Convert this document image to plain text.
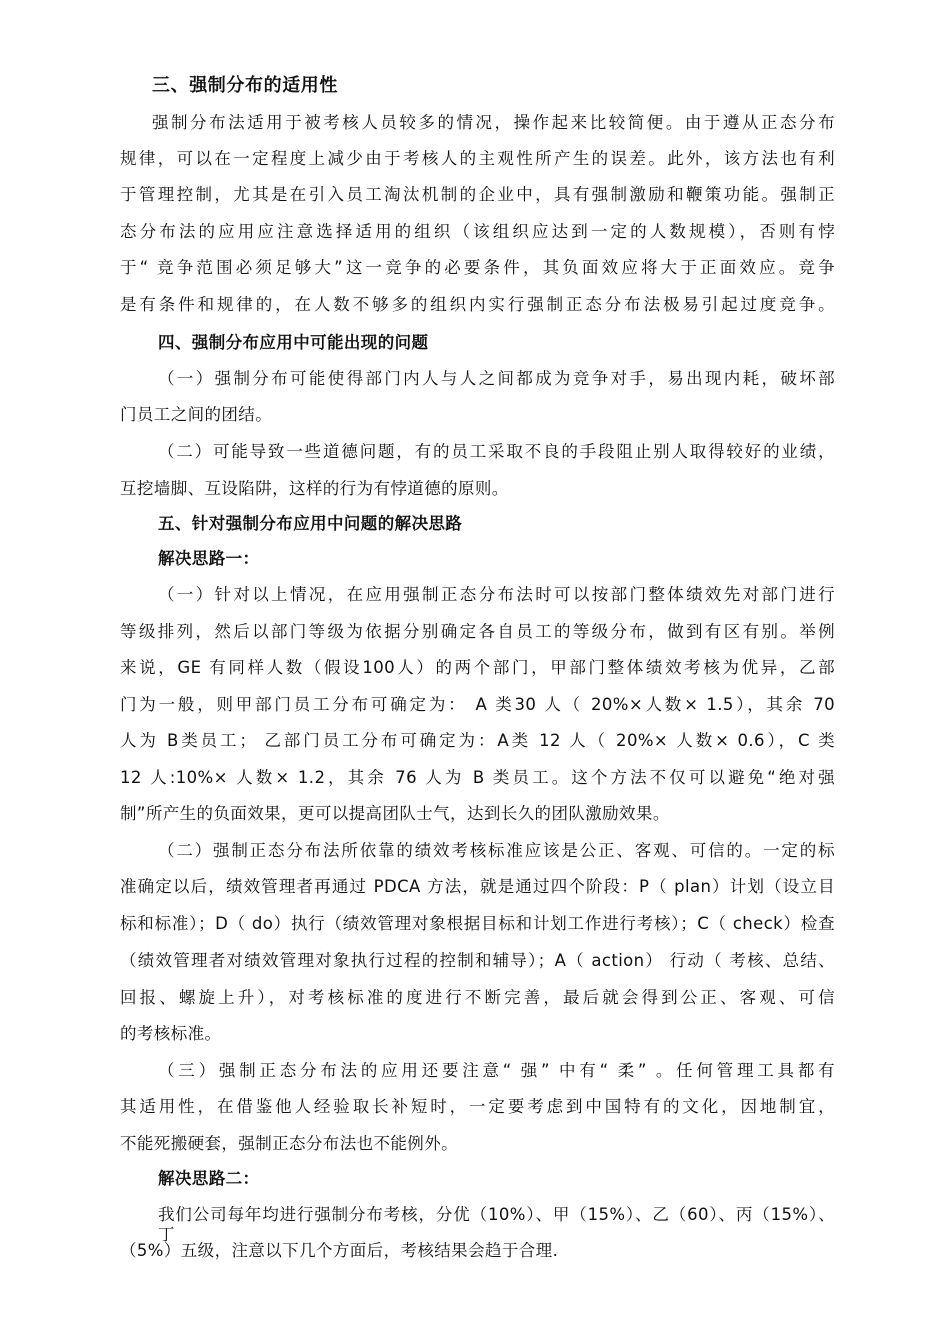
三、强制分布的适用性
强制分布法适用于被考核人员较多的情况，操作起来比较简便。由于遵从正态分布
规律，可以在一定程度上减少由于考核人的主观性所产生的误差。此外，该方法也有利
于管理控制，尤其是在引入员工淘汰机制的企业中，具有强制激励和鞭策功能。强制正
态分布法的应用应注意选择适用的组织（该组织应达到一定的人数规模），否则有悖
于“ 竞争范围必须足够大”这一竞争的必要条件，其负面效应将大于正面效应。竞争
是有条件和规律的，在人数不够多的组织内实行强制正态分布法极易引起过度竞争。
四、强制分布应用中可能出现的问题
（一）强制分布可能使得部门内人与人之间都成为竞争对手，易出现内耗，破坏部
门员工之间的团结。
（二）可能导致一些道德问题，有的员工采取不良的手段阻止别人取得较好的业绩，
互挖墙脚、互设陷阱，这样的行为有悖道德的原则。
五、针对强制分布应用中问题的解决思路
解决思路一：
（一）针对以上情况，在应用强制正态分布法时可以按部门整体绩效先对部门进行
等级排列，然后以部门等级为依据分别确定各自员工的等级分布，做到有区有别。举例
来说，GE 有同样人数（假设100人）的两个部门，甲部门整体绩效考核为优异，乙部
门为一般，则甲部门员工分布可确定为： A 类30 人（ 20%×人数× 1.5），其余 70
人为 B类员工； 乙部门员工分布可确定为：A类 12 人（ 20%× 人数× 0.6），C 类
12 人:10%× 人数× 1.2，其余 76 人为 B 类员工。这个方法不仅可以避免“绝对强
制”所产生的负面效果，更可以提高团队士气，达到长久的团队激励效果。
（二）强制正态分布法所依靠的绩效考核标准应该是公正、客观、可信的。一定的标
准确定以后，绩效管理者再通过 PDCA 方法，就是通过四个阶段：P（ plan）计划（设立目
标和标准）；D（ do）执行（绩效管理对象根据目标和计划工作进行考核）；C（ check）检查
（绩效管理者对绩效管理对象执行过程的控制和辅导）；A（ action） 行动（ 考核、总结、
回报、螺旋上升），对考核标准的度进行不断完善，最后就会得到公正、客观、可信
的考核标准。
（三）强制正态分布法的应用还要注意“ 强” 中有“ 柔” 。任何管理工具都有
其适用性，在借鉴他人经验取长补短时，一定要考虑到中国特有的文化，因地制宜，
不能死搬硬套，强制正态分布法也不能例外。
解决思路二：
我们公司每年均进行强制分布考核，分优（10%）、甲（15%）、乙（60）、丙（15%）、丁
（5%）五级，注意以下几个方面后，考核结果会趋于合理.
